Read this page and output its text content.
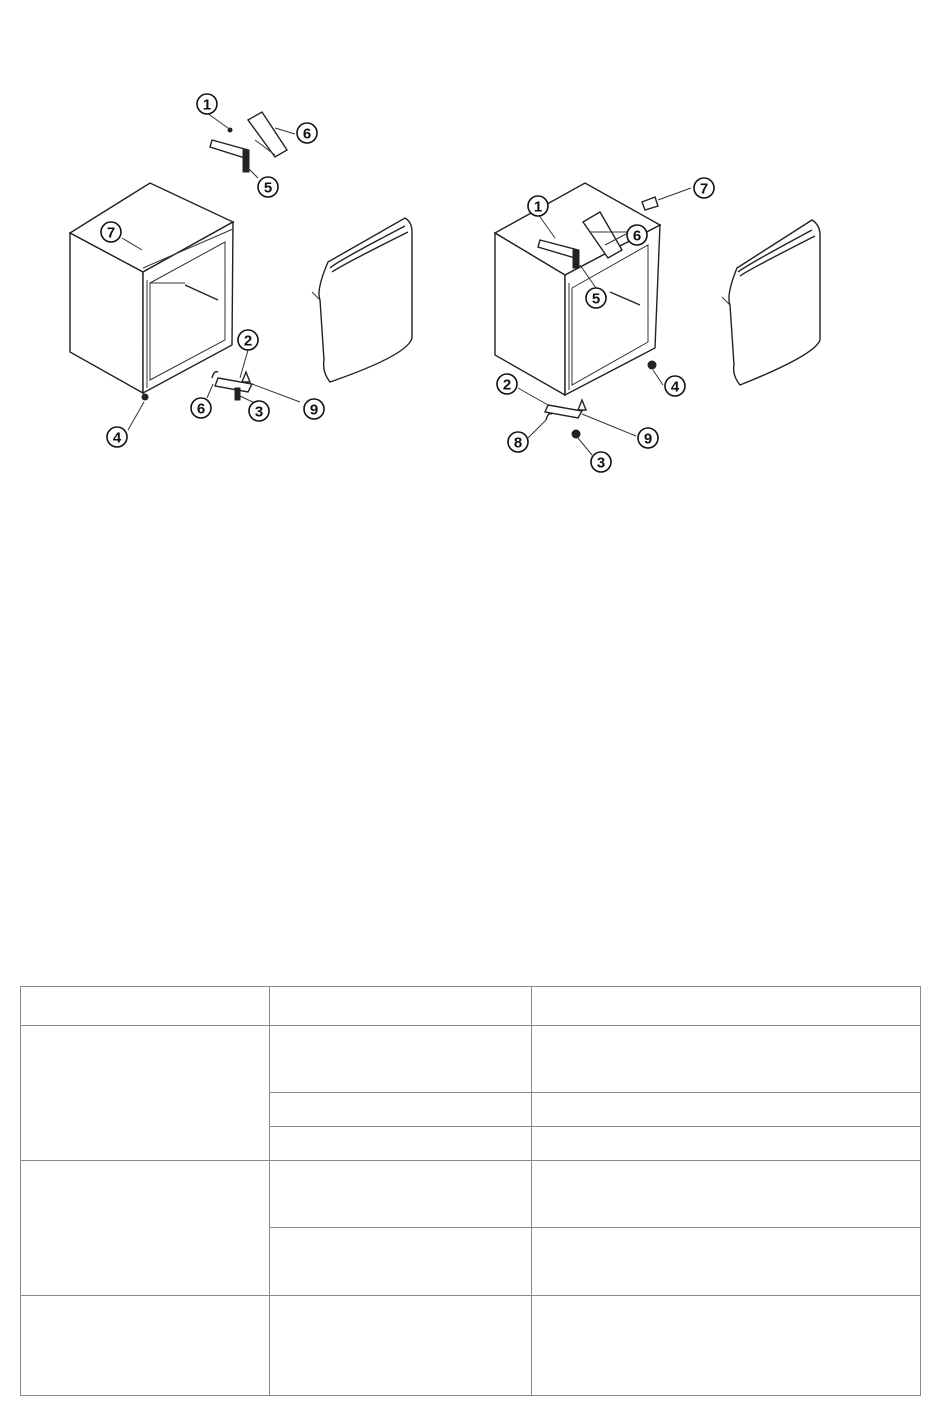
1
6
5
7
2
6	3	9
4
7
1
6
5
4
2
9
8
3
